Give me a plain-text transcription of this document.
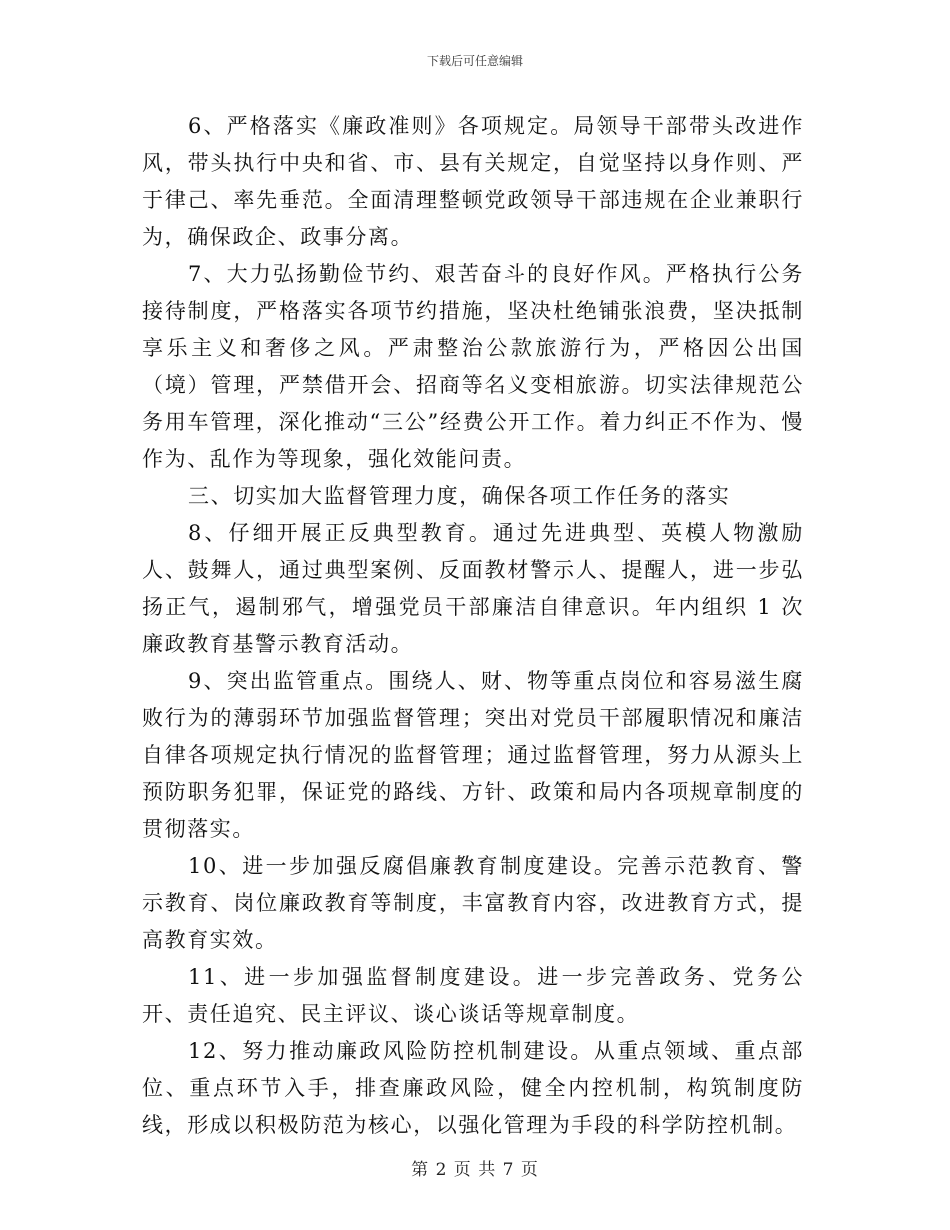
下载后可任意编辑

6、严格落实《廉政准则》各项规定。局领导干部带头改进作风，带头执行中央和省、市、县有关规定，自觉坚持以身作则、严于律己、率先垂范。全面清理整顿党政领导干部违规在企业兼职行为，确保政企、政事分离。

7、大力弘扬勤俭节约、艰苦奋斗的良好作风。严格执行公务接待制度，严格落实各项节约措施，坚决杜绝铺张浪费，坚决抵制享乐主义和奢侈之风。严肃整治公款旅游行为，严格因公出国（境）管理，严禁借开会、招商等名义变相旅游。切实法律规范公务用车管理，深化推动“三公”经费公开工作。着力纠正不作为、慢作为、乱作为等现象，强化效能问责。

三、切实加大监督管理力度，确保各项工作任务的落实

8、仔细开展正反典型教育。通过先进典型、英模人物激励人、鼓舞人，通过典型案例、反面教材警示人、提醒人，进一步弘扬正气，遏制邪气，增强党员干部廉洁自律意识。年内组织 1 次廉政教育基警示教育活动。

9、突出监管重点。围绕人、财、物等重点岗位和容易滋生腐败行为的薄弱环节加强监督管理；突出对党员干部履职情况和廉洁自律各项规定执行情况的监督管理；通过监督管理，努力从源头上预防职务犯罪，保证党的路线、方针、政策和局内各项规章制度的贯彻落实。

10、进一步加强反腐倡廉教育制度建设。完善示范教育、警示教育、岗位廉政教育等制度，丰富教育内容，改进教育方式，提高教育实效。

11、进一步加强监督制度建设。进一步完善政务、党务公开、责任追究、民主评议、谈心谈话等规章制度。

12、努力推动廉政风险防控机制建设。从重点领域、重点部位、重点环节入手，排查廉政风险，健全内控机制，构筑制度防线，形成以积极防范为核心，以强化管理为手段的科学防控机制。

第 2 页 共 7 页
